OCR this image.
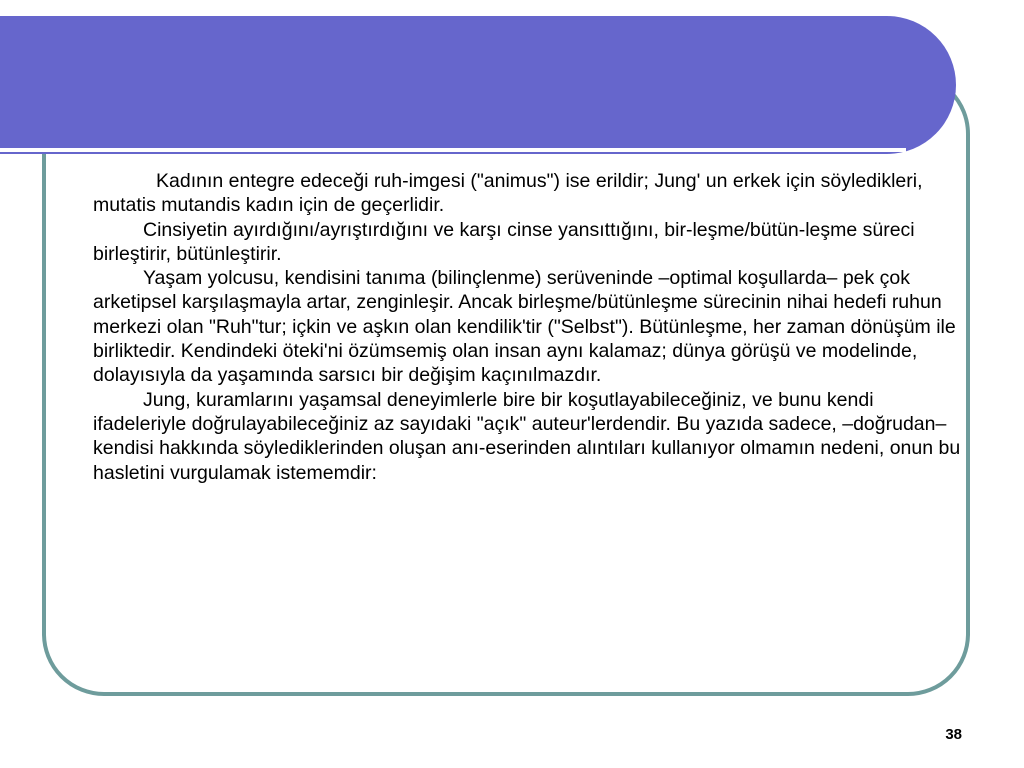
Kadının entegre edeceği ruh-imgesi ("animus") ise erildir; Jung' un erkek için söyledikleri, mutatis mutandis kadın için de geçerlidir.

Cinsiyetin ayırdığını/ayrıştırdığını ve karşı cinse yansıttığını, bir-leşme/bütün-leşme süreci birleştirir, bütünleştirir.

Yaşam yolcusu, kendisini tanıma (bilinçlenme) serüveninde –optimal koşullarda– pek çok arketipsel karşılaşmayla artar, zenginleşir. Ancak birleşme/bütünleşme sürecinin nihai hedefi ruhun merkezi olan "Ruh"tur; içkin ve aşkın olan kendilik'tir ("Selbst"). Bütünleşme, her zaman dönüşüm ile birliktedir. Kendindeki öteki'ni özümsemiş olan insan aynı kalamaz; dünya görüşü ve modelinde, dolayısıyla da yaşamında sarsıcı bir değişim kaçınılmazdır.

Jung, kuramlarını yaşamsal deneyimlerle bire bir koşutlayabileceğiniz, ve bunu kendi ifadeleriyle doğrulayabileceğiniz az sayıdaki "açık" auteur'lerdendir. Bu yazıda sadece, –doğrudan– kendisi hakkında söylediklerinden oluşan anı-eserinden alıntıları kullanıyor olmamın nedeni, onun bu hasletini vurgulamak istememdir:

38
